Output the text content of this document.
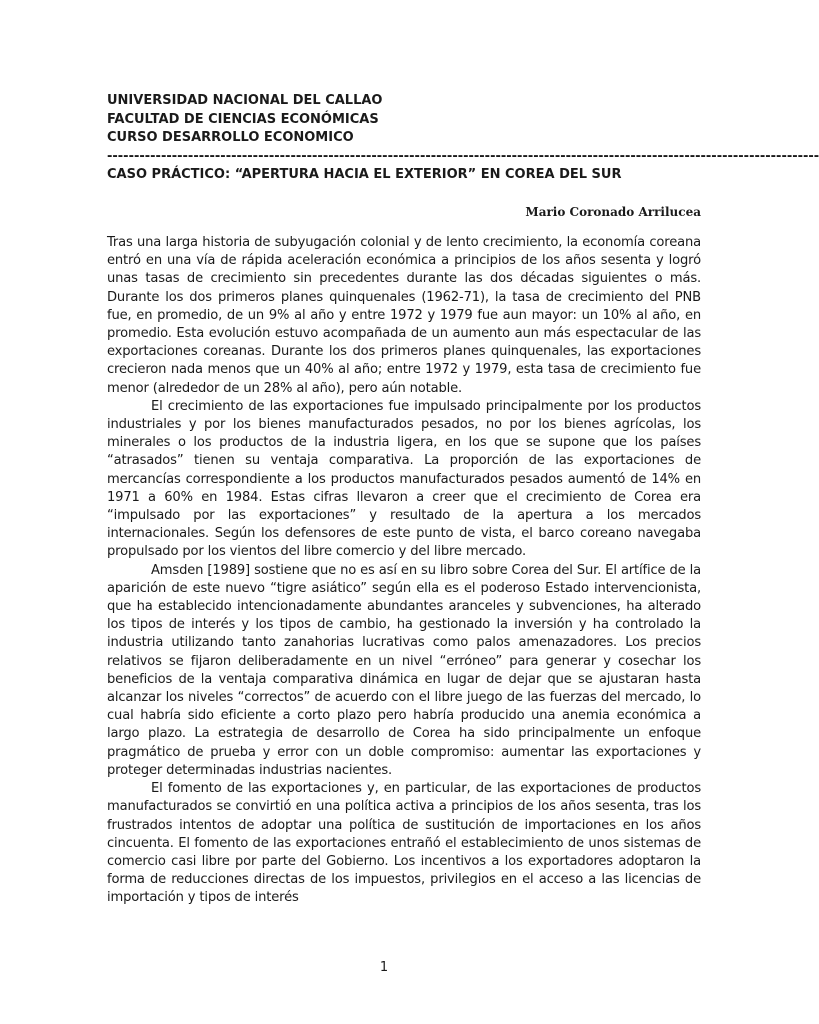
UNIVERSIDAD NACIONAL DEL CALLAO
FACULTAD DE CIENCIAS ECONÓMICAS
CURSO DESARROLLO ECONOMICO
------------------------------------------------------------------------------------------------------------------------------------
CASO PRÁCTICO: “APERTURA HACIA EL EXTERIOR” EN COREA DEL SUR
Mario Coronado Arrilucea

Tras una larga historia de subyugación colonial y de lento crecimiento, la economía coreana entró en una vía de rápida aceleración económica a principios de los años sesenta y logró unas tasas de crecimiento sin precedentes durante las dos décadas siguientes o más. Durante los dos primeros planes quinquenales (1962-71), la tasa de crecimiento del PNB fue, en promedio, de un 9% al año y entre 1972 y 1979 fue aun mayor: un 10% al año, en promedio. Esta evolución estuvo acompañada de un aumento aun más espectacular de las exportaciones coreanas. Durante los dos primeros planes quinquenales, las exportaciones crecieron nada menos que un 40% al año; entre 1972 y 1979, esta tasa de crecimiento fue menor (alrededor de un 28% al año), pero aún notable.

El crecimiento de las exportaciones fue impulsado principalmente por los productos industriales y por los bienes manufacturados pesados, no por los bienes agrícolas, los minerales o los productos de la industria ligera, en los que se supone que los países “atrasados” tienen su ventaja comparativa. La proporción de las exportaciones de mercancías correspondiente a los productos manufacturados pesados aumentó de 14% en 1971 a 60% en 1984. Estas cifras llevaron a creer que el crecimiento de Corea era “impulsado por las exportaciones” y resultado de la apertura a los mercados internacionales. Según los defensores de este punto de vista, el barco coreano navegaba propulsado por los vientos del libre comercio y del libre mercado.

Amsden [1989] sostiene que no es así en su libro sobre Corea del Sur. El artífice de la aparición de este nuevo “tigre asiático” según ella es el poderoso Estado intervencionista, que ha establecido intencionadamente abundantes aranceles y subvenciones, ha alterado los tipos de interés y los tipos de cambio, ha gestionado la inversión y ha controlado la industria utilizando tanto zanahorias lucrativas como palos amenazadores. Los precios relativos se fijaron deliberadamente en un nivel “erróneo” para generar y cosechar los beneficios de la ventaja comparativa dinámica en lugar de dejar que se ajustaran hasta alcanzar los niveles “correctos” de acuerdo con el libre juego de las fuerzas del mercado, lo cual habría sido eficiente a corto plazo pero habría producido una anemia económica a largo plazo. La estrategia de desarrollo de Corea ha sido principalmente un enfoque pragmático de prueba y error con un doble compromiso: aumentar las exportaciones y proteger determinadas industrias nacientes.

El fomento de las exportaciones y, en particular, de las exportaciones de productos manufacturados se convirtió en una política activa a principios de los años sesenta, tras los frustrados intentos de adoptar una política de sustitución de importaciones en los años cincuenta. El fomento de las exportaciones entrañó el establecimiento de unos sistemas de comercio casi libre por parte del Gobierno. Los incentivos a los exportadores adoptaron la forma de reducciones directas de los impuestos, privilegios en el acceso a las licencias de importación y tipos de interés

1
